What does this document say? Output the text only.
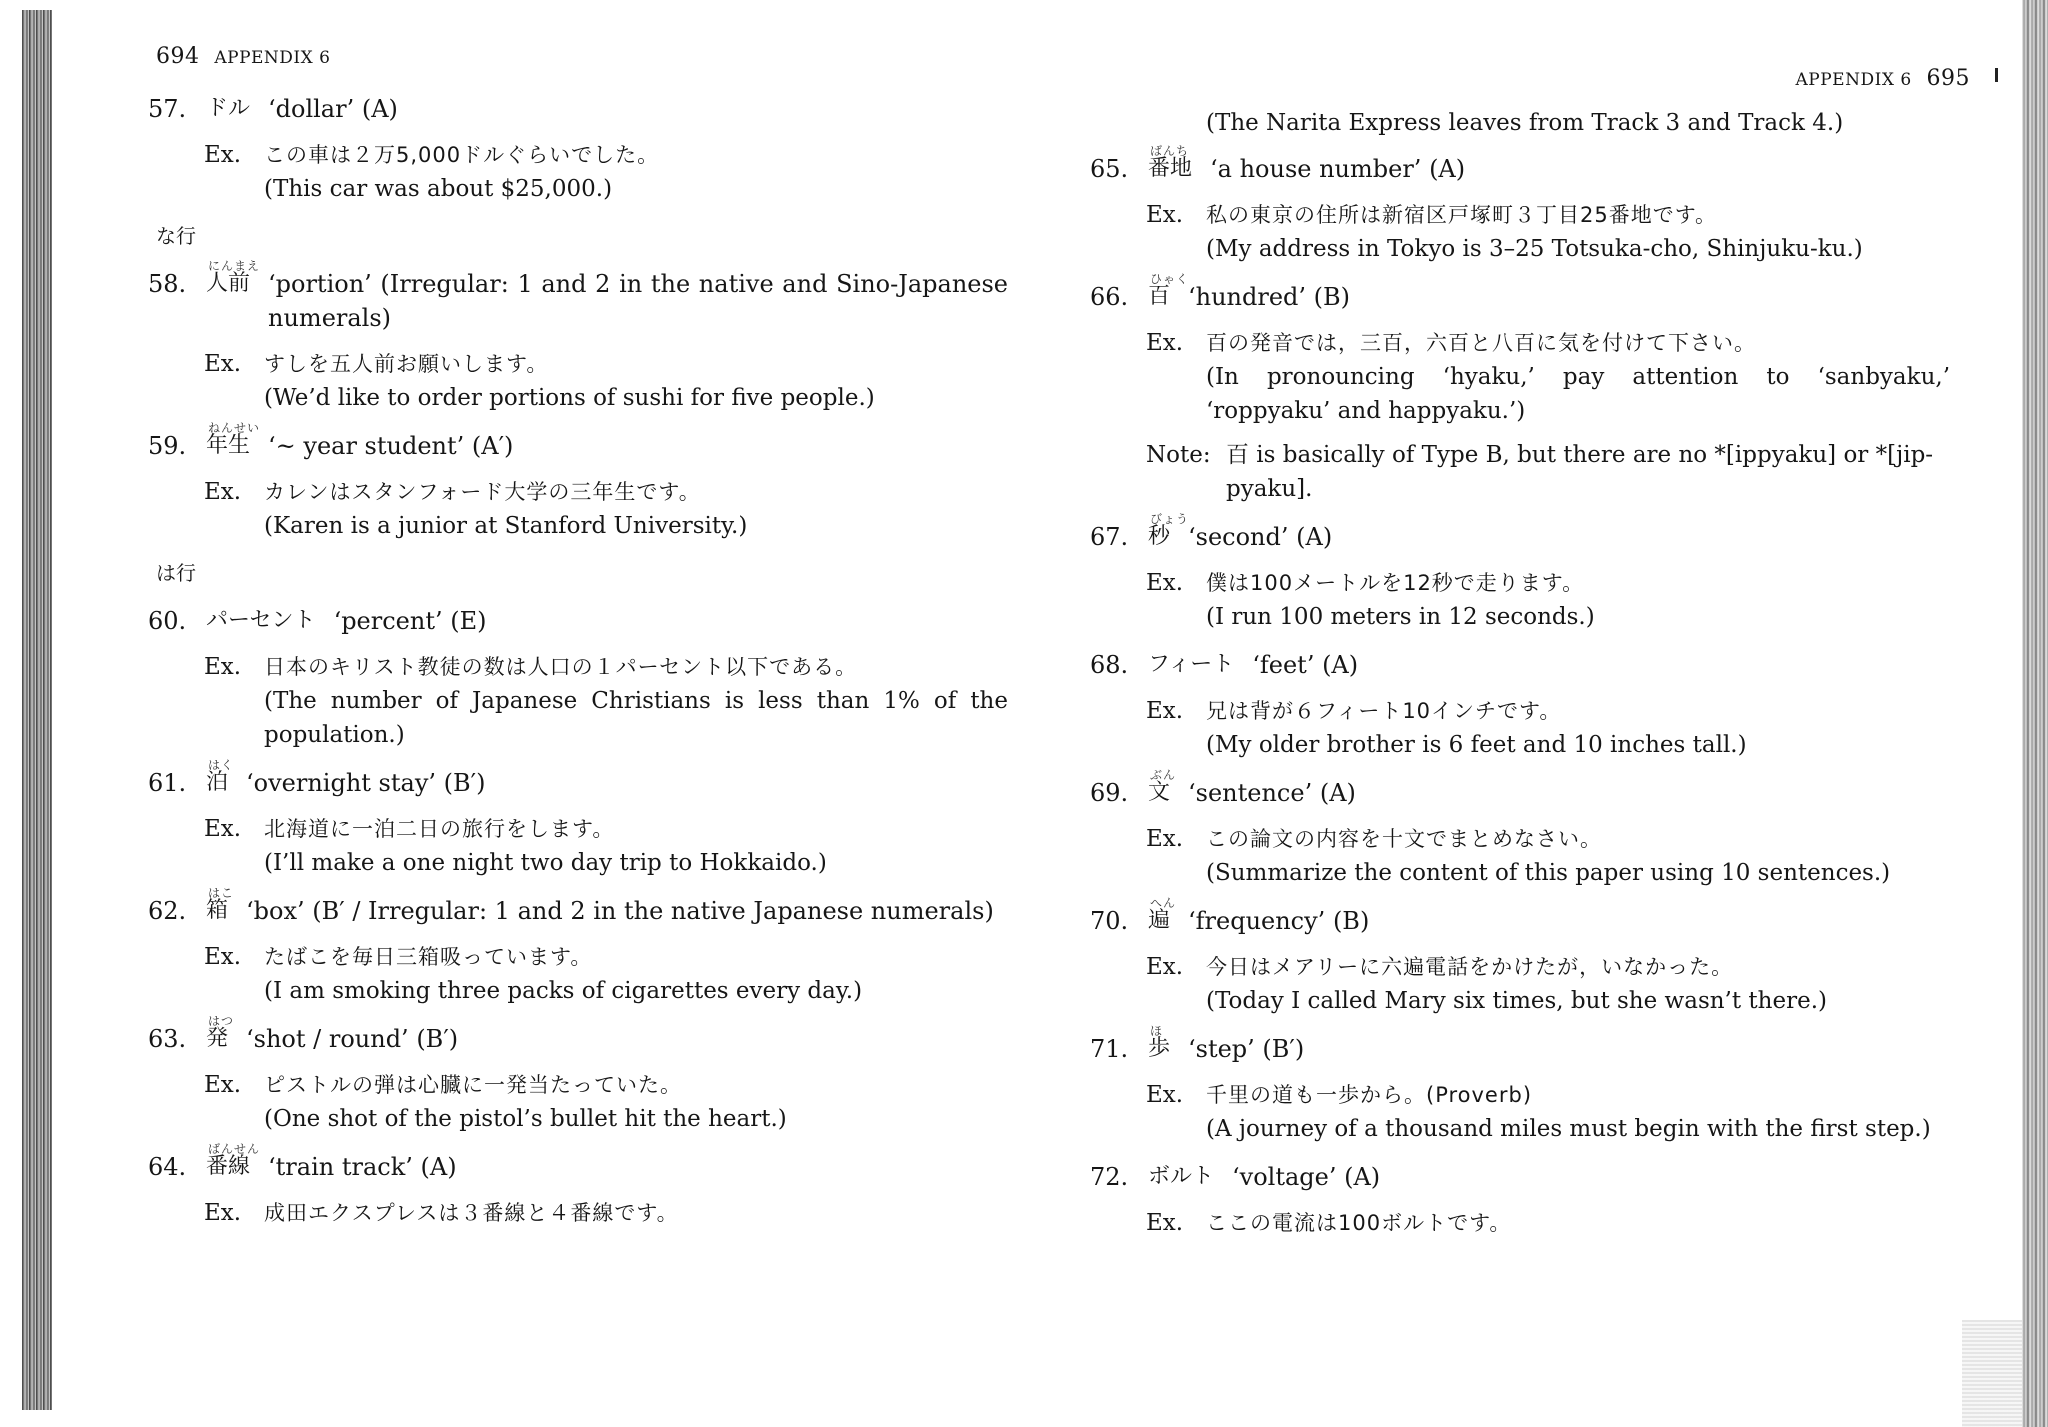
694 APPENDIX 6
57. ドル ‘dollar’ (A)
Ex.	この車は２万5,000ドルぐらいでした。
(This car was about $25,000.)
な行
58. 人前
にんまえ
‘portion’ (Irregular: 1 and 2 in the native and Sino-Japanese numerals)
Ex.	すしを五人前お願いします。
(We’d like to order portions of sushi for five people.)
59. 年生
ねんせい
‘~ year student’ (A′)
Ex.	カレンはスタンフォード大学の三年生です。
(Karen is a junior at Stanford University.)
は行
60. パーセント ‘percent’ (E)
Ex.	日本のキリスト教徒の数は人口の１パーセント以下である。
(The number of Japanese Christians is less than 1% of the population.)
61. 泊
はく
‘overnight stay’ (B′)
Ex.	北海道に一泊二日の旅行をします。
(I’ll make a one night two day trip to Hokkaido.)
62. 箱
はこ
‘box’ (B′ / Irregular: 1 and 2 in the native Japanese numerals)
Ex.	たばこを毎日三箱吸っています。
(I am smoking three packs of cigarettes every day.)
63. 発
はつ
‘shot / round’ (B′)
Ex.	ピストルの弾は心臓に一発当たっていた。
(One shot of the pistol’s bullet hit the heart.)
64. 番線
ばんせん
‘train track’ (A)
Ex.	成田エクスプレスは３番線と４番線です。
APPENDIX 6 695
(The Narita Express leaves from Track 3 and Track 4.)
65. 番地
ばんち
‘a house number’ (A)
Ex.	私の東京の住所は新宿区戸塚町３丁目25番地です。
(My address in Tokyo is 3–25 Totsuka-cho, Shinjuku-ku.)
66. 百
ひゃく
‘hundred’ (B)
Ex.	百の発音では，三百，六百と八百に気を付けて下さい。
(In pronouncing ‘hyaku,’ pay attention to ‘sanbyaku,’ ‘roppyaku’ and happyaku.’)
Note: 百 is basically of Type B, but there are no *[ippyaku] or *[jip-pyaku].
67. 秒
びょう
‘second’ (A)
Ex.	僕は100メートルを12秒で走ります。
(I run 100 meters in 12 seconds.)
68. フィート ‘feet’ (A)
Ex.	兄は背が６フィート10インチです。
(My older brother is 6 feet and 10 inches tall.)
69. 文
ぶん
‘sentence’ (A)
Ex.	この論文の内容を十文でまとめなさい。
(Summarize the content of this paper using 10 sentences.)
70. 遍
へん
‘frequency’ (B)
Ex.	今日はメアリーに六遍電話をかけたが，いなかった。
(Today I called Mary six times, but she wasn’t there.)
71. 歩
ほ
‘step’ (B′)
Ex.	千里の道も一歩から。(Proverb)
(A journey of a thousand miles must begin with the first step.)
72. ボルト ‘voltage’ (A)
Ex.	ここの電流は100ボルトです。
